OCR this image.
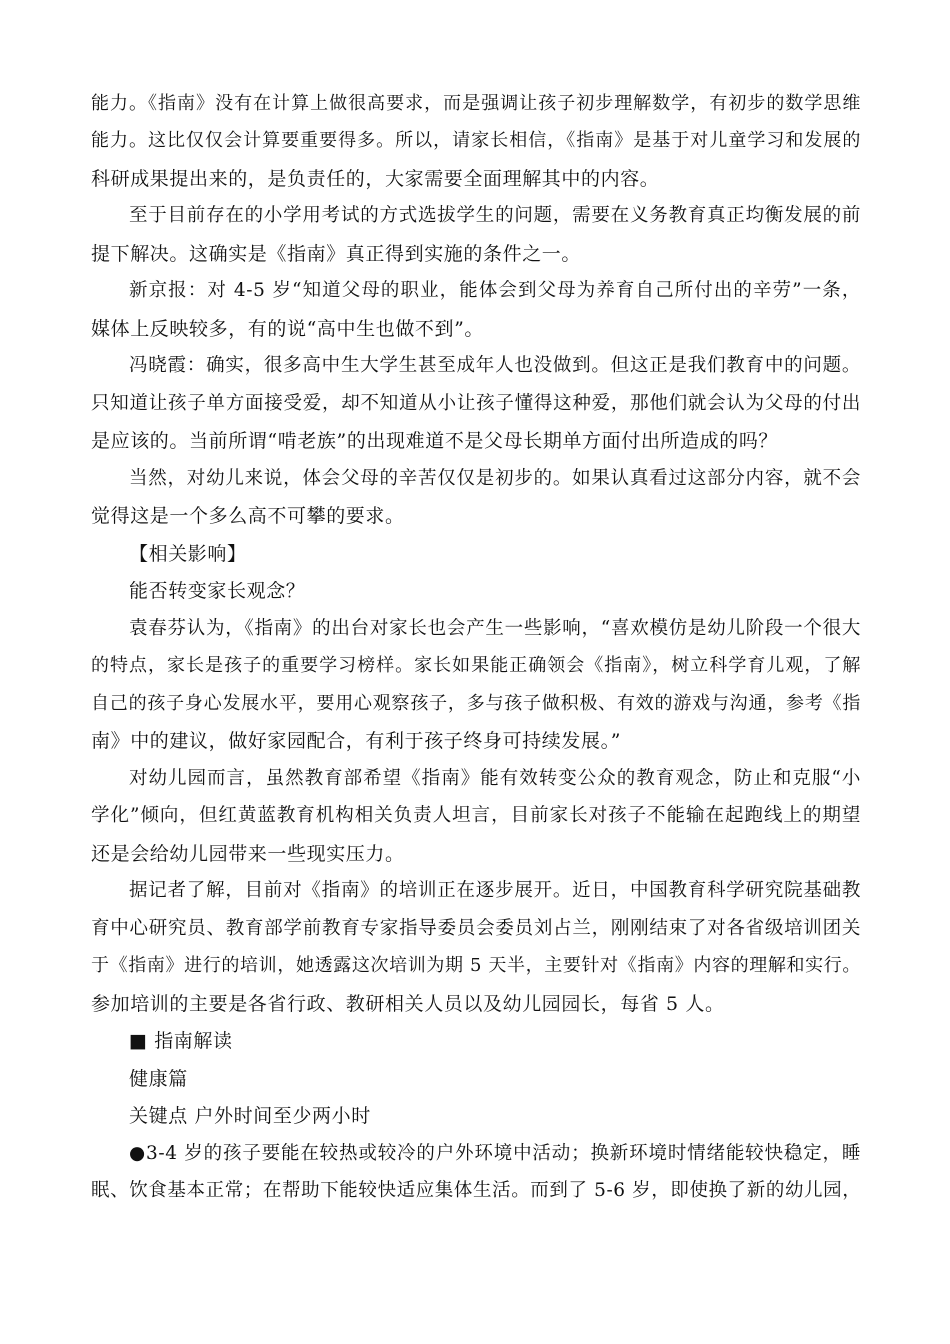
能力。《指南》没有在计算上做很高要求，而是强调让孩子初步理解数学，有初步的数学思维
能力。这比仅仅会计算要重要得多。所以，请家长相信，《指南》是基于对儿童学习和发展的
科研成果提出来的，是负责任的，大家需要全面理解其中的内容。
至于目前存在的小学用考试的方式选拔学生的问题，需要在义务教育真正均衡发展的前
提下解决。这确实是《指南》真正得到实施的条件之一。
新京报：对 4-5 岁“知道父母的职业，能体会到父母为养育自己所付出的辛劳”一条，
媒体上反映较多，有的说“高中生也做不到”。
冯晓霞：确实，很多高中生大学生甚至成年人也没做到。但这正是我们教育中的问题。
只知道让孩子单方面接受爱，却不知道从小让孩子懂得这种爱，那他们就会认为父母的付出
是应该的。当前所谓“啃老族”的出现难道不是父母长期单方面付出所造成的吗？
当然，对幼儿来说，体会父母的辛苦仅仅是初步的。如果认真看过这部分内容，就不会
觉得这是一个多么高不可攀的要求。
【相关影响】
能否转变家长观念？
袁春芬认为，《指南》的出台对家长也会产生一些影响，“喜欢模仿是幼儿阶段一个很大
的特点，家长是孩子的重要学习榜样。家长如果能正确领会《指南》，树立科学育儿观，了解
自己的孩子身心发展水平，要用心观察孩子，多与孩子做积极、有效的游戏与沟通，参考《指
南》中的建议，做好家园配合，有利于孩子终身可持续发展。”
对幼儿园而言，虽然教育部希望《指南》能有效转变公众的教育观念，防止和克服“小
学化”倾向，但红黄蓝教育机构相关负责人坦言，目前家长对孩子不能输在起跑线上的期望
还是会给幼儿园带来一些现实压力。
据记者了解，目前对《指南》的培训正在逐步展开。近日，中国教育科学研究院基础教
育中心研究员、教育部学前教育专家指导委员会委员刘占兰，刚刚结束了对各省级培训团关
于《指南》进行的培训，她透露这次培训为期 5 天半，主要针对《指南》内容的理解和实行。
参加培训的主要是各省行政、教研相关人员以及幼儿园园长，每省 5 人。
■ 指南解读
健康篇
关键点 户外时间至少两小时
●3-4 岁的孩子要能在较热或较冷的户外环境中活动；换新环境时情绪能较快稳定，睡
眠、饮食基本正常；在帮助下能较快适应集体生活。而到了 5-6 岁，即使换了新的幼儿园，
